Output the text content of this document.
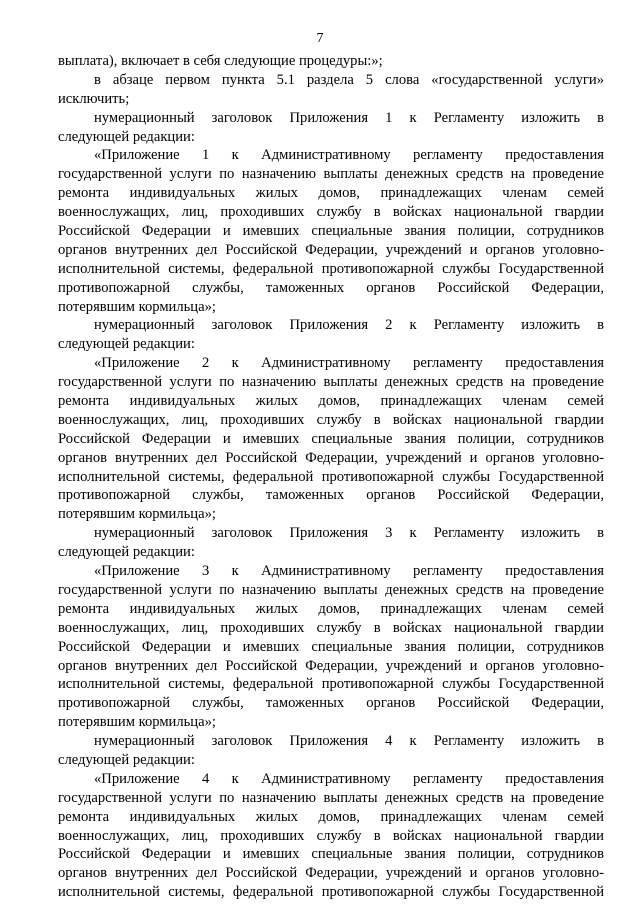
7
выплата), включает в себя следующие процедуры:»;
в абзаце первом пункта 5.1 раздела 5 слова «государственной услуги»
исключить;
нумерационный заголовок Приложения 1 к Регламенту изложить в
следующей редакции:
«Приложение 1 к Административному регламенту предоставления
государственной услуги по назначению выплаты денежных средств на проведение
ремонта индивидуальных жилых домов, принадлежащих членам семей
военнослужащих, лиц, проходивших службу в войсках национальной гвардии
Российской Федерации и имевших специальные звания полиции, сотрудников
органов внутренних дел Российской Федерации, учреждений и органов уголовно-
исполнительной системы, федеральной противопожарной службы Государственной
противопожарной службы, таможенных органов Российской Федерации,
потерявшим кормильца»;
нумерационный заголовок Приложения 2 к Регламенту изложить в
следующей редакции:
«Приложение 2 к Административному регламенту предоставления
государственной услуги по назначению выплаты денежных средств на проведение
ремонта индивидуальных жилых домов, принадлежащих членам семей
военнослужащих, лиц, проходивших службу в войсках национальной гвардии
Российской Федерации и имевших специальные звания полиции, сотрудников
органов внутренних дел Российской Федерации, учреждений и органов уголовно-
исполнительной системы, федеральной противопожарной службы Государственной
противопожарной службы, таможенных органов Российской Федерации,
потерявшим кормильца»;
нумерационный заголовок Приложения 3 к Регламенту изложить в
следующей редакции:
«Приложение 3 к Административному регламенту предоставления
государственной услуги по назначению выплаты денежных средств на проведение
ремонта индивидуальных жилых домов, принадлежащих членам семей
военнослужащих, лиц, проходивших службу в войсках национальной гвардии
Российской Федерации и имевших специальные звания полиции, сотрудников
органов внутренних дел Российской Федерации, учреждений и органов уголовно-
исполнительной системы, федеральной противопожарной службы Государственной
противопожарной службы, таможенных органов Российской Федерации,
потерявшим кормильца»;
нумерационный заголовок Приложения 4 к Регламенту изложить в
следующей редакции:
«Приложение 4 к Административному регламенту предоставления
государственной услуги по назначению выплаты денежных средств на проведение
ремонта индивидуальных жилых домов, принадлежащих членам семей
военнослужащих, лиц, проходивших службу в войсках национальной гвардии
Российской Федерации и имевших специальные звания полиции, сотрудников
органов внутренних дел Российской Федерации, учреждений и органов уголовно-
исполнительной системы, федеральной противопожарной службы Государственной
